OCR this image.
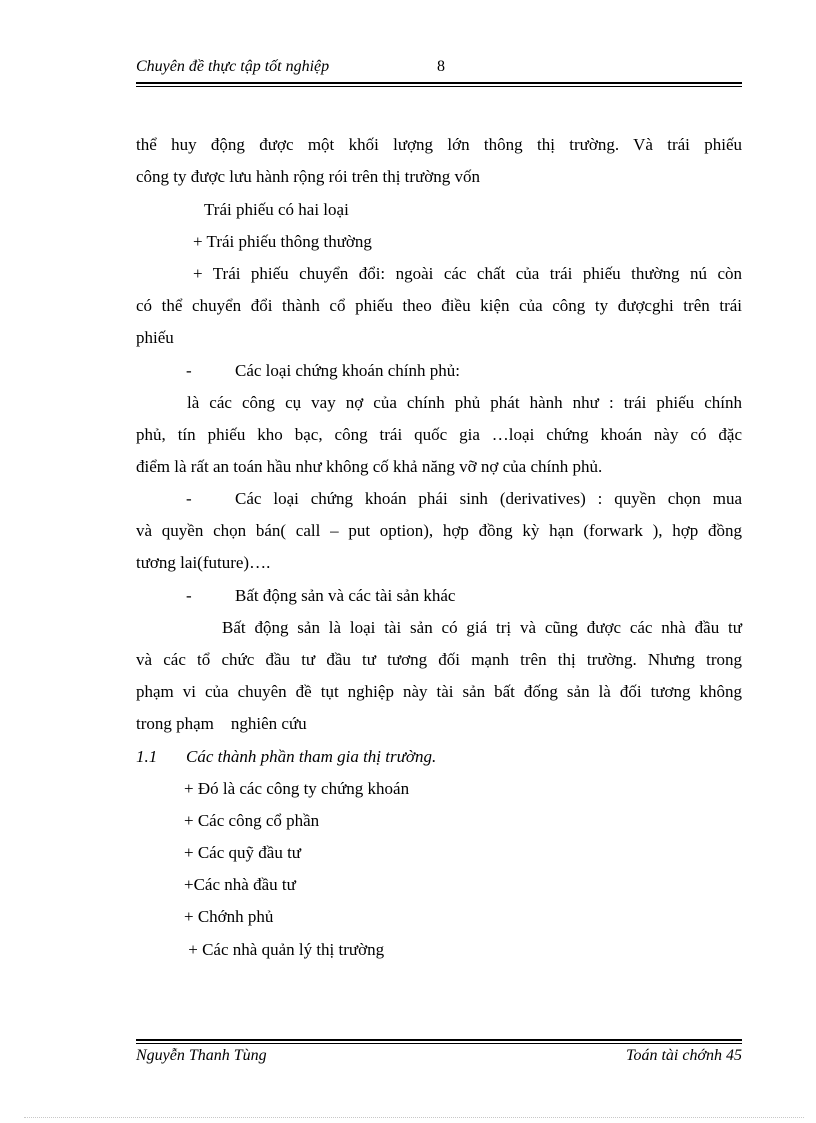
Chuyên đề thực tập tốt nghiệp	8
thể huy động được một khối lượng lớn thông thị trường. Và trái phiếu
công ty được lưu hành rộng rói trên thị trường vốn
Trái phiếu có hai loại
+ Trái phiếu thông thường
+ Trái phiếu chuyển đổi: ngoài các chất của trái phiếu thường nú còn
có thể chuyển đổi thành cổ phiếu theo điều kiện của công ty đượcghi trên trái
phiếu
-	Các loại chứng khoán chính phủ:
là các công cụ vay nợ của chính phủ phát hành như : trái phiếu chính
phủ, tín phiếu kho bạc, công trái quốc gia …loại chứng khoán này có đặc
điểm là rất an toán hầu như không cố khả năng vỡ nợ của chính phủ.
-	Các loại chứng khoán phái sinh (derivatives) : quyền chọn mua
và quyền chọn bán( call – put option), hợp đồng kỳ hạn (forwark ), hợp đồng
tương lai(future)….
-	Bất động sản và các tài sản khác
Bất động sản là loại tài sản có giá trị và cũng được các nhà đầu tư
và các tổ chức đầu tư đầu tư tương đối mạnh trên thị trường. Nhưng trong
phạm vi của chuyên đề tụt nghiệp này tài sản bất đống sản là đối tương không
trong phạm    nghiên cứu
1.1 Các thành phần tham gia thị trường.
+ Đó là các công ty chứng khoán
+ Các công cổ phần
+ Các quỹ đầu tư
+Các nhà đầu tư
+ Chớnh phủ
+ Các nhà quản lý thị trường
Nguyễn Thanh Tùng	Toán tài chớnh 45
